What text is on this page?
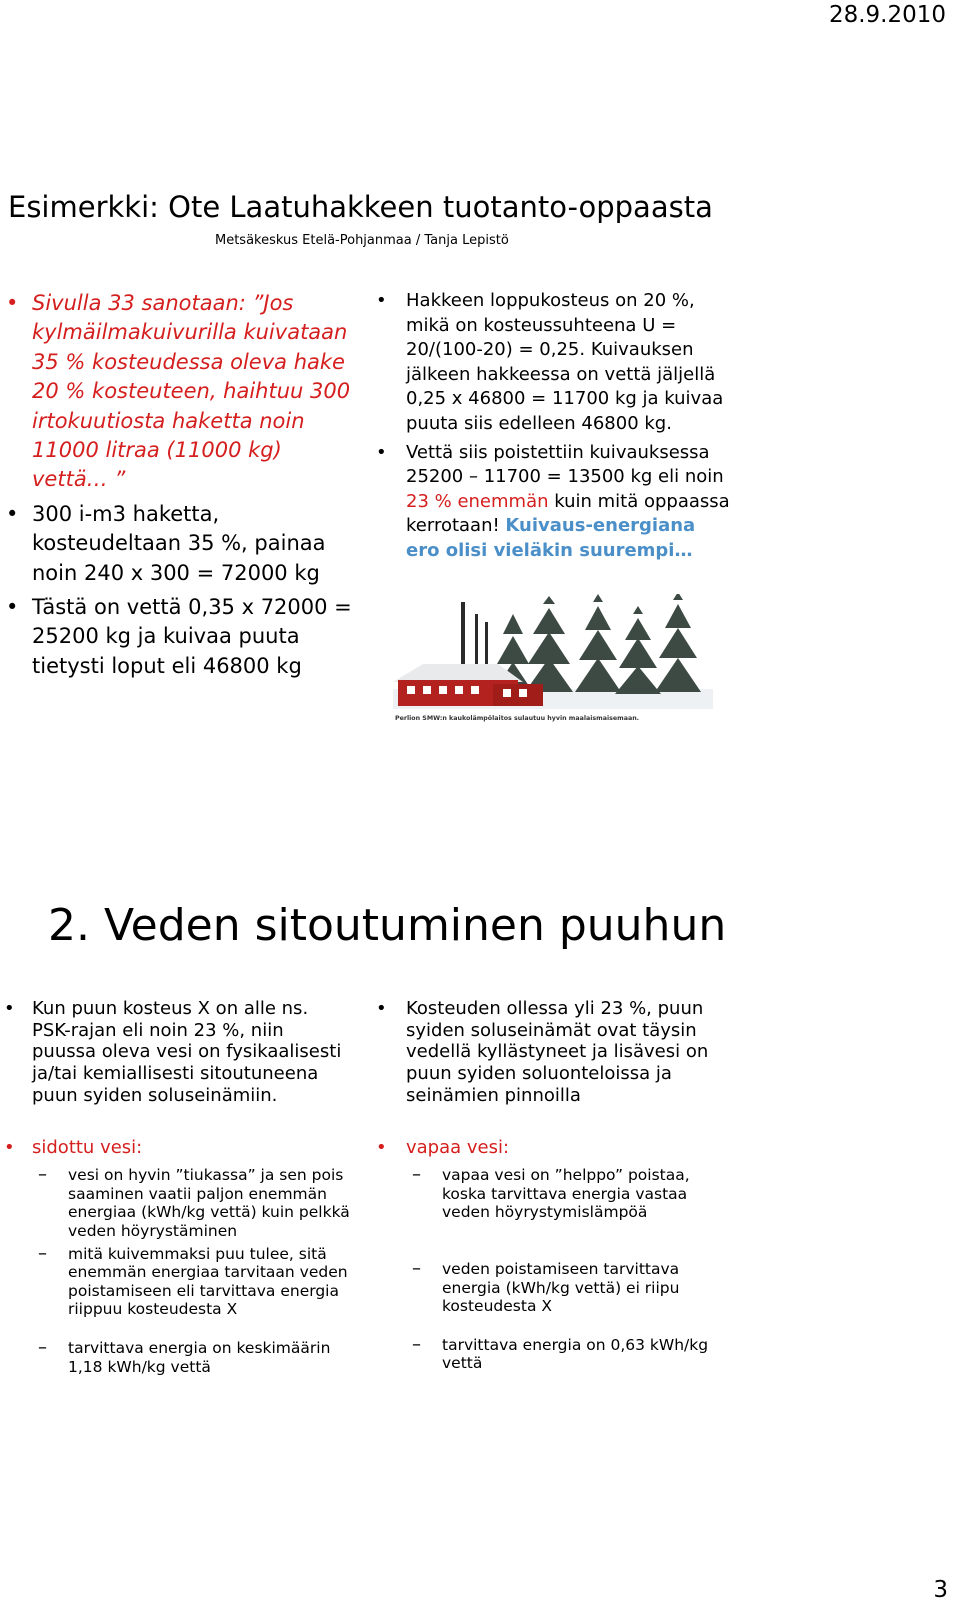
28.9.2010
Esimerkki: Ote Laatuhakkeen tuotanto-oppaasta
Metsäkeskus Etelä-Pohjanmaa / Tanja Lepistö
• Sivulla 33 sanotaan: ”Jos kylmäilmakuivurilla kuivataan 35 % kosteudessa oleva hake 20 % kosteuteen, haihtuu 300 irtokuutiosta haketta noin 11000 litraa (11000 kg) vettä… ”
• 300 i-m3 haketta, kosteudeltaan 35 %, painaa noin 240 x 300 = 72000 kg
• Tästä on vettä 0,35 x 72000 = 25200 kg ja kuivaa puuta tietysti loput eli 46800 kg
• Hakkeen loppukosteus on 20 %, mikä on kosteussuhteena U = 20/(100-20) = 0,25. Kuivauksen jälkeen hakkeessa on vettä jäljellä 0,25 x 46800 = 11700 kg ja kuivaa puuta siis edelleen 46800 kg.
• Vettä siis poistettiin kuivauksessa 25200 – 11700 = 13500 kg eli noin 23 % enemmän kuin mitä oppaassa kerrotaan! Kuivaus-energiana ero olisi vieläkin suurempi…
Perlion SMW:n kaukolämpölaitos sulautuu hyvin maalaismaisemaan.
2. Veden sitoutuminen puuhun
• Kun puun kosteus X on alle ns. PSK-rajan eli noin 23 %, niin puussa oleva vesi on fysikaalisesti ja/tai kemiallisesti sitoutuneena puun syiden soluseinämiin.
• sidottu vesi:
– vesi on hyvin ”tiukassa” ja sen pois saaminen vaatii paljon enemmän energiaa (kWh/kg vettä) kuin pelkkä veden höyrystäminen
– mitä kuivemmaksi puu tulee, sitä enemmän energiaa tarvitaan veden poistamiseen eli tarvittava energia riippuu kosteudesta X
– tarvittava energia on keskimäärin 1,18 kWh/kg vettä
• Kosteuden ollessa yli 23 %, puun syiden soluseinämät ovat täysin vedellä kyllästyneet ja lisävesi on puun syiden soluonteloissa ja seinämien pinnoilla
• vapaa vesi:
– vapaa vesi on ”helppo” poistaa, koska tarvittava energia vastaa veden höyrystymislämpöä
– veden poistamiseen tarvittava energia (kWh/kg vettä) ei riipu kosteudesta X
– tarvittava energia on 0,63 kWh/kg vettä
3
